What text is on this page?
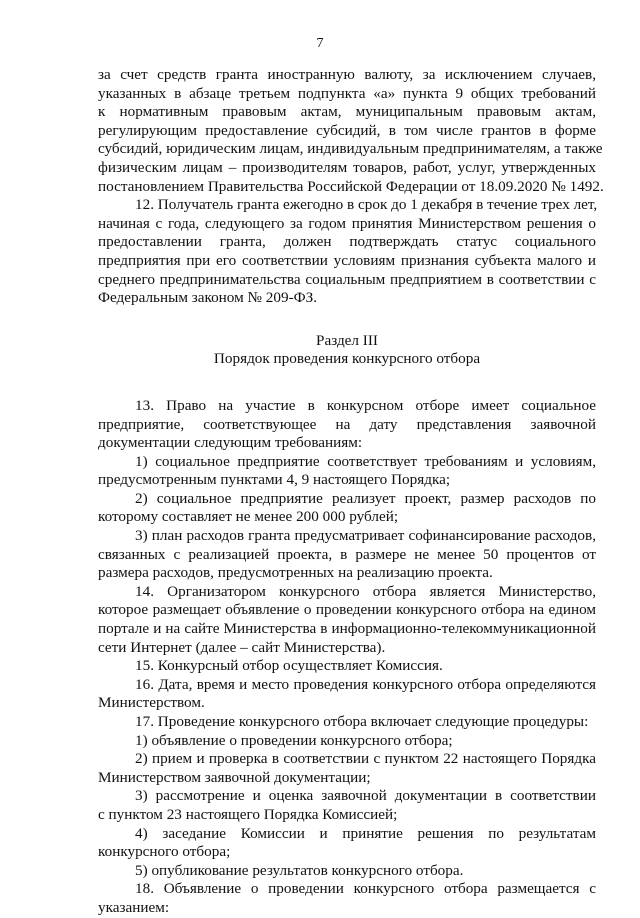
7
за счет средств гранта иностранную валюту, за исключением случаев,
указанных в абзаце третьем подпункта «а» пункта 9 общих требований
к нормативным правовым актам, муниципальным правовым актам,
регулирующим предоставление субсидий, в том числе грантов в форме
субсидий, юридическим лицам, индивидуальным предпринимателям, а также
физическим лицам – производителям товаров, работ, услуг, утвержденных
постановлением Правительства Российской Федерации от 18.09.2020 № 1492.
12. Получатель гранта ежегодно в срок до 1 декабря в течение трех лет,
начиная с года, следующего за годом принятия Министерством решения о
предоставлении гранта, должен подтверждать статус социального
предприятия при его соответствии условиям признания субъекта малого и
среднего предпринимательства социальным предприятием в соответствии с
Федеральным законом № 209-ФЗ.
Раздел III
Порядок проведения конкурсного отбора
13. Право на участие в конкурсном отборе имеет социальное
предприятие, соответствующее на дату представления заявочной
документации следующим требованиям:
1) социальное предприятие соответствует требованиям и условиям,
предусмотренным пунктами 4, 9 настоящего Порядка;
2) социальное предприятие реализует проект, размер расходов по
которому составляет не менее 200 000 рублей;
3) план расходов гранта предусматривает софинансирование расходов,
связанных с реализацией проекта, в размере не менее 50 процентов от
размера расходов, предусмотренных на реализацию проекта.
14. Организатором конкурсного отбора является Министерство,
которое размещает объявление о проведении конкурсного отбора на едином
портале и на сайте Министерства в информационно-телекоммуникационной
сети Интернет (далее – сайт Министерства).
15. Конкурсный отбор осуществляет Комиссия.
16. Дата, время и место проведения конкурсного отбора определяются
Министерством.
17. Проведение конкурсного отбора включает следующие процедуры:
1) объявление о проведении конкурсного отбора;
2) прием и проверка в соответствии с пунктом 22 настоящего Порядка
Министерством заявочной документации;
3) рассмотрение и оценка заявочной документации в соответствии
с пунктом 23 настоящего Порядка Комиссией;
4) заседание Комиссии и принятие решения по результатам
конкурсного отбора;
5) опубликование результатов конкурсного отбора.
18. Объявление о проведении конкурсного отбора размещается с
указанием:
